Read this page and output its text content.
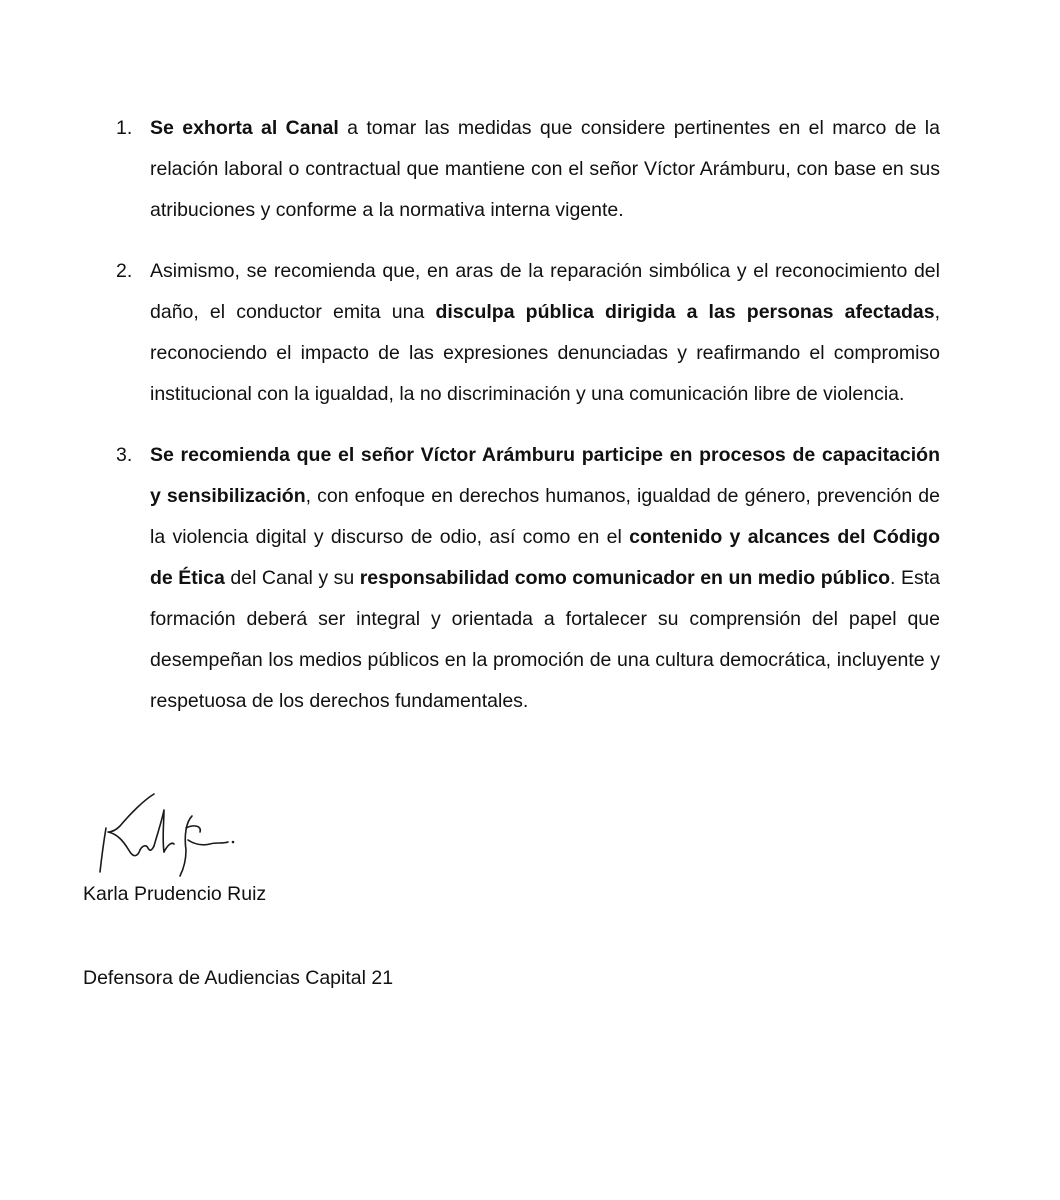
1. Se exhorta al Canal a tomar las medidas que considere pertinentes en el marco de la relación laboral o contractual que mantiene con el señor Víctor Arámburu, con base en sus atribuciones y conforme a la normativa interna vigente.
2. Asimismo, se recomienda que, en aras de la reparación simbólica y el reconocimiento del daño, el conductor emita una disculpa pública dirigida a las personas afectadas, reconociendo el impacto de las expresiones denunciadas y reafirmando el compromiso institucional con la igualdad, la no discriminación y una comunicación libre de violencia.
3. Se recomienda que el señor Víctor Arámburu participe en procesos de capacitación y sensibilización, con enfoque en derechos humanos, igualdad de género, prevención de la violencia digital y discurso de odio, así como en el contenido y alcances del Código de Ética del Canal y su responsabilidad como comunicador en un medio público. Esta formación deberá ser integral y orientada a fortalecer su comprensión del papel que desempeñan los medios públicos en la promoción de una cultura democrática, incluyente y respetuosa de los derechos fundamentales.
Karla Prudencio Ruiz
Defensora de Audiencias Capital 21
